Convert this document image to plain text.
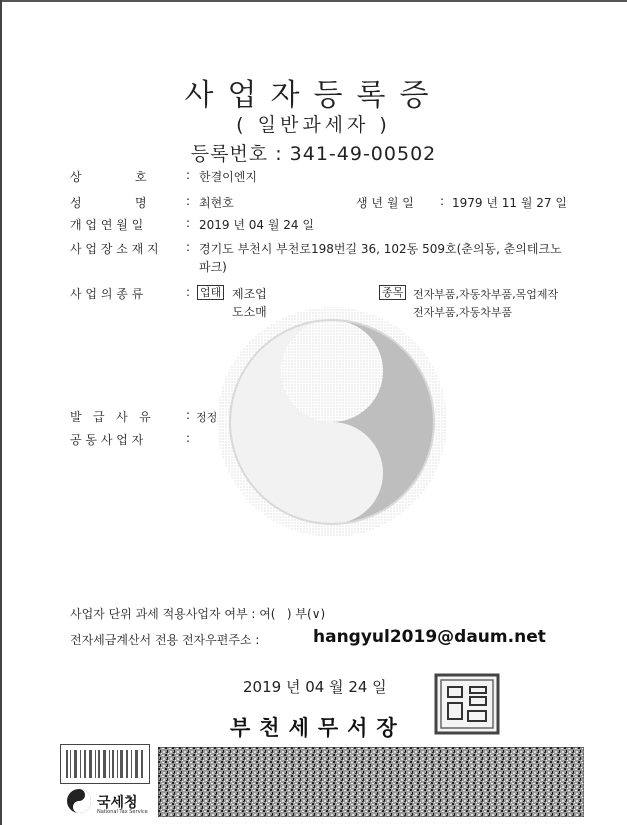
사업자등록증
( 일반과세자 )
등록번호 : 341-49-00502
상              호	: 한결이엔지
성              명	: 최현호	생 년 월 일 : 1979 년 11 월 27 일
개 업 연 월 일	: 2019 년 04 월 24 일
사 업 장 소 재 지 : 경기도 부천시 부천로198번길 36, 102동 509호(춘의동, 춘의테크노
파크)
사 업 의 종 류	: 업태 제조업
도소매
종목 전자부품,자동차부품,목업제작
전자부품,자동차부품
발   급   사   유	: 정정
공 동 사 업 자	:
사업자 단위 과세 적용사업자 여부 : 여(   ) 부(∨)
전자세금계산서 전용 전자우편주소 :	hangyul2019@daum.net
2019 년 04 월 24 일
부천세무서장
국세청
National Tax Service
